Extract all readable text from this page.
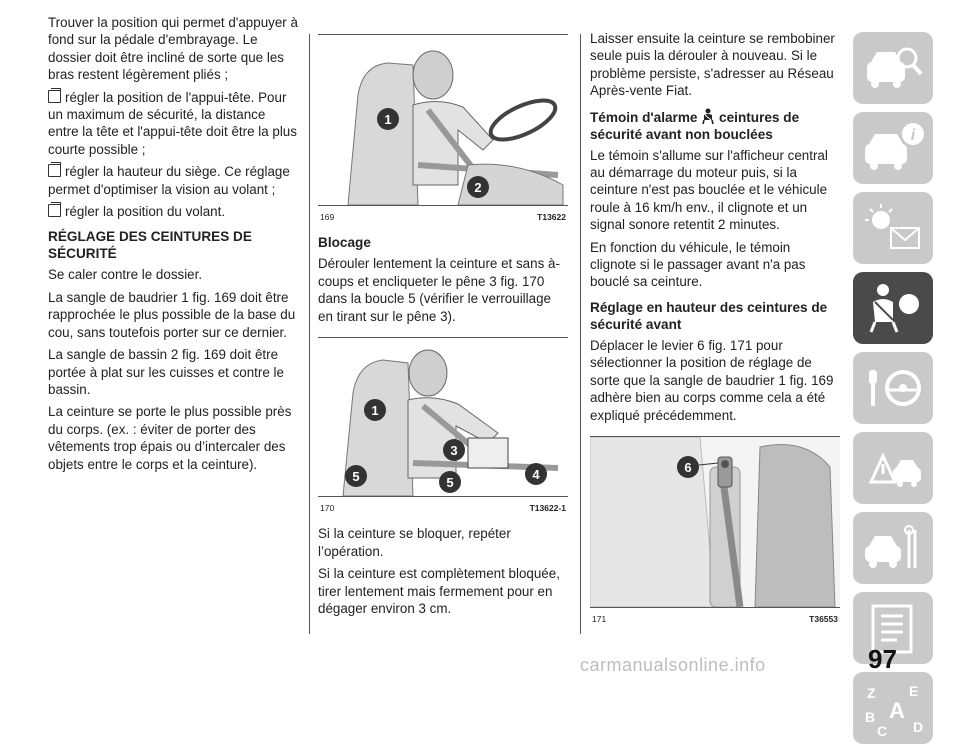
Trouver la position qui permet d'appuyer à fond sur la pédale d'embrayage. Le dossier doit être incliné de sorte que les bras restent légèrement pliés ;

régler la position de l'appui-tête. Pour un maximum de sécurité, la distance entre la tête et l'appui-tête doit être la plus courte possible ;

régler la hauteur du siège. Ce réglage permet d'optimiser la vision au volant ;

régler la position du volant.

RÉGLAGE DES CEINTURES DE SÉCURITÉ

Se caler contre le dossier.

La sangle de baudrier 1 fig. 169 doit être rapprochée le plus possible de la base du cou, sans toutefois porter sur ce dernier.

La sangle de bassin 2 fig. 169 doit être portée à plat sur les cuisses et contre le bassin.

La ceinture se porte le plus possible près du corps. (ex. : éviter de porter des vêtements trop épais ou d’intercaler des objets entre le corps et la ceinture).

1
2
169	T13622
Blocage

Dérouler lentement la ceinture et sans à-coups et encliqueter le pêne 3 fig. 170 dans la boucle 5 (vérifier le verrouillage en tirant sur le pêne 3).

1
3
4
5	5
170	T13622-1

Si la ceinture se bloquer, repéter l’opération.

Si la ceinture est complètement bloquée, tirer lentement mais fermement pour en dégager environ 3 cm.

Laisser ensuite la ceinture se rembobiner seule puis la dérouler à nouveau. Si le problème persiste, s'adresser au Réseau Après-vente Fiat.

Témoin d'alarme ceintures de sécurité avant non bouclées

Le témoin s'allume sur l'afficheur central au démarrage du moteur puis, si la ceinture n'est pas bouclée et le véhicule roule à 16 km/h env., il clignote et un signal sonore retentit 2 minutes.

En fonction du véhicule, le témoin clignote si le passager avant n'a pas bouclé sa ceinture.

Réglage en hauteur des ceintures de sécurité avant

Déplacer le levier 6 fig. 171 pour sélectionner la position de réglage de sorte que la sangle de baudrier 1 fig. 169 adhère bien au corps comme cela a été expliqué précédemment.

6
171	T36553
i
Z E
A
B
C D
97
carmanualsonline.info
